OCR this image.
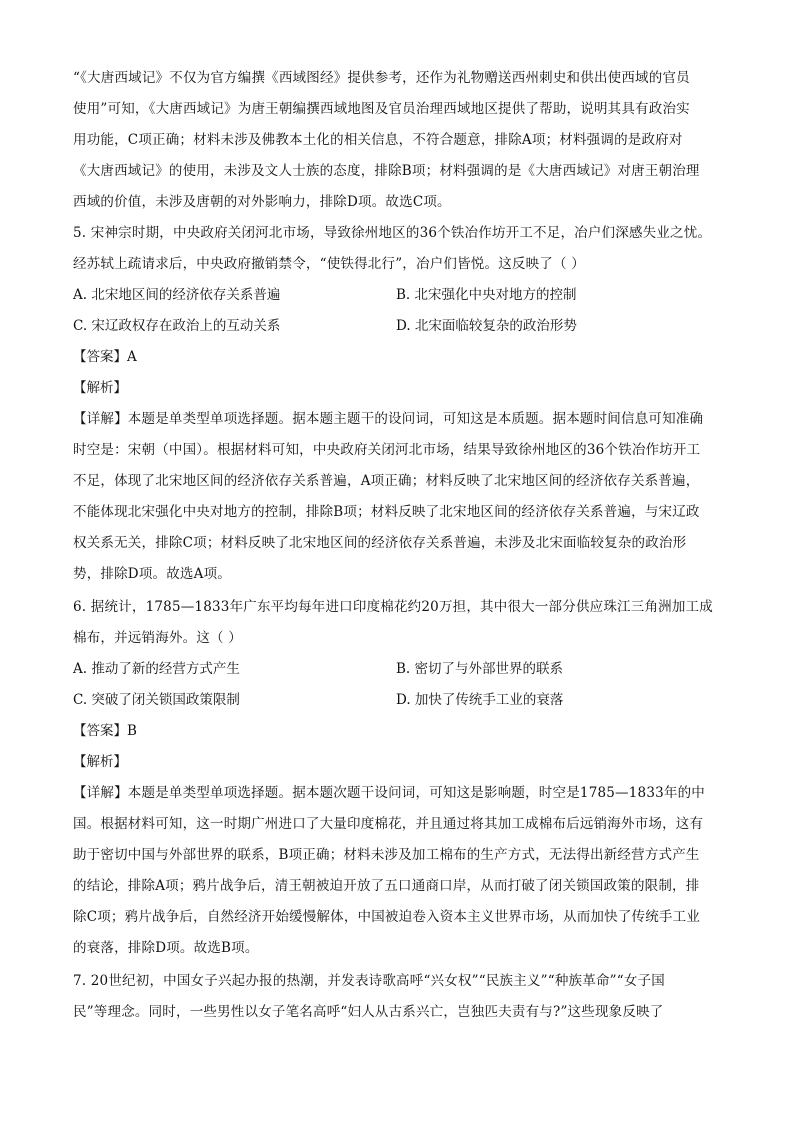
“《大唐西域记》不仅为官方编撰《西域图经》提供参考，还作为礼物赠送西州刺史和供出使西域的官员
使用”可知，《大唐西域记》为唐王朝编撰西域地图及官员治理西域地区提供了帮助，说明其具有政治实
用功能，C项正确；材料未涉及佛教本土化的相关信息，不符合题意，排除A项；材料强调的是政府对
《大唐西域记》的使用，未涉及文人士族的态度，排除B项；材料强调的是《大唐西域记》对唐王朝治理
西域的价值，未涉及唐朝的对外影响力，排除D项。故选C项。
5. 宋神宗时期，中央政府关闭河北市场，导致徐州地区的36个铁冶作坊开工不足，冶户们深感失业之忧。
经苏轼上疏请求后，中央政府撤销禁令，“使铁得北行”，冶户们皆悦。这反映了（ ）
A. 北宋地区间的经济依存关系普遍	B. 北宋强化中央对地方的控制
C. 宋辽政权存在政治上的互动关系	D. 北宋面临较复杂的政治形势
【答案】A
【解析】
【详解】本题是单类型单项选择题。据本题主题干的设问词，可知这是本质题。据本题时间信息可知准确
时空是：宋朝（中国）。根据材料可知，中央政府关闭河北市场，结果导致徐州地区的36个铁冶作坊开工
不足，体现了北宋地区间的经济依存关系普遍，A项正确；材料反映了北宋地区间的经济依存关系普遍，
不能体现北宋强化中央对地方的控制，排除B项；材料反映了北宋地区间的经济依存关系普遍，与宋辽政
权关系无关，排除C项；材料反映了北宋地区间的经济依存关系普遍，未涉及北宋面临较复杂的政治形
势，排除D项。故选A项。
6. 据统计，1785—1833年广东平均每年进口印度棉花约20万担，其中很大一部分供应珠江三角洲加工成
棉布，并远销海外。这（ ）
A. 推动了新的经营方式产生	B. 密切了与外部世界的联系
C. 突破了闭关锁国政策限制	D. 加快了传统手工业的衰落
【答案】B
【解析】
【详解】本题是单类型单项选择题。据本题次题干设问词，可知这是影响题，时空是1785—1833年的中
国。根据材料可知，这一时期广州进口了大量印度棉花，并且通过将其加工成棉布后远销海外市场，这有
助于密切中国与外部世界的联系，B项正确；材料未涉及加工棉布的生产方式，无法得出新经营方式产生
的结论，排除A项；鸦片战争后，清王朝被迫开放了五口通商口岸，从而打破了闭关锁国政策的限制，排
除C项；鸦片战争后，自然经济开始缓慢解体，中国被迫卷入资本主义世界市场，从而加快了传统手工业
的衰落，排除D项。故选B项。
7. 20世纪初，中国女子兴起办报的热潮，并发表诗歌高呼“兴女权”“民族主义”“种族革命”“女子国
民”等理念。同时，一些男性以女子笔名高呼“妇人从古系兴亡，岂独匹夫责有与?”这些现象反映了
